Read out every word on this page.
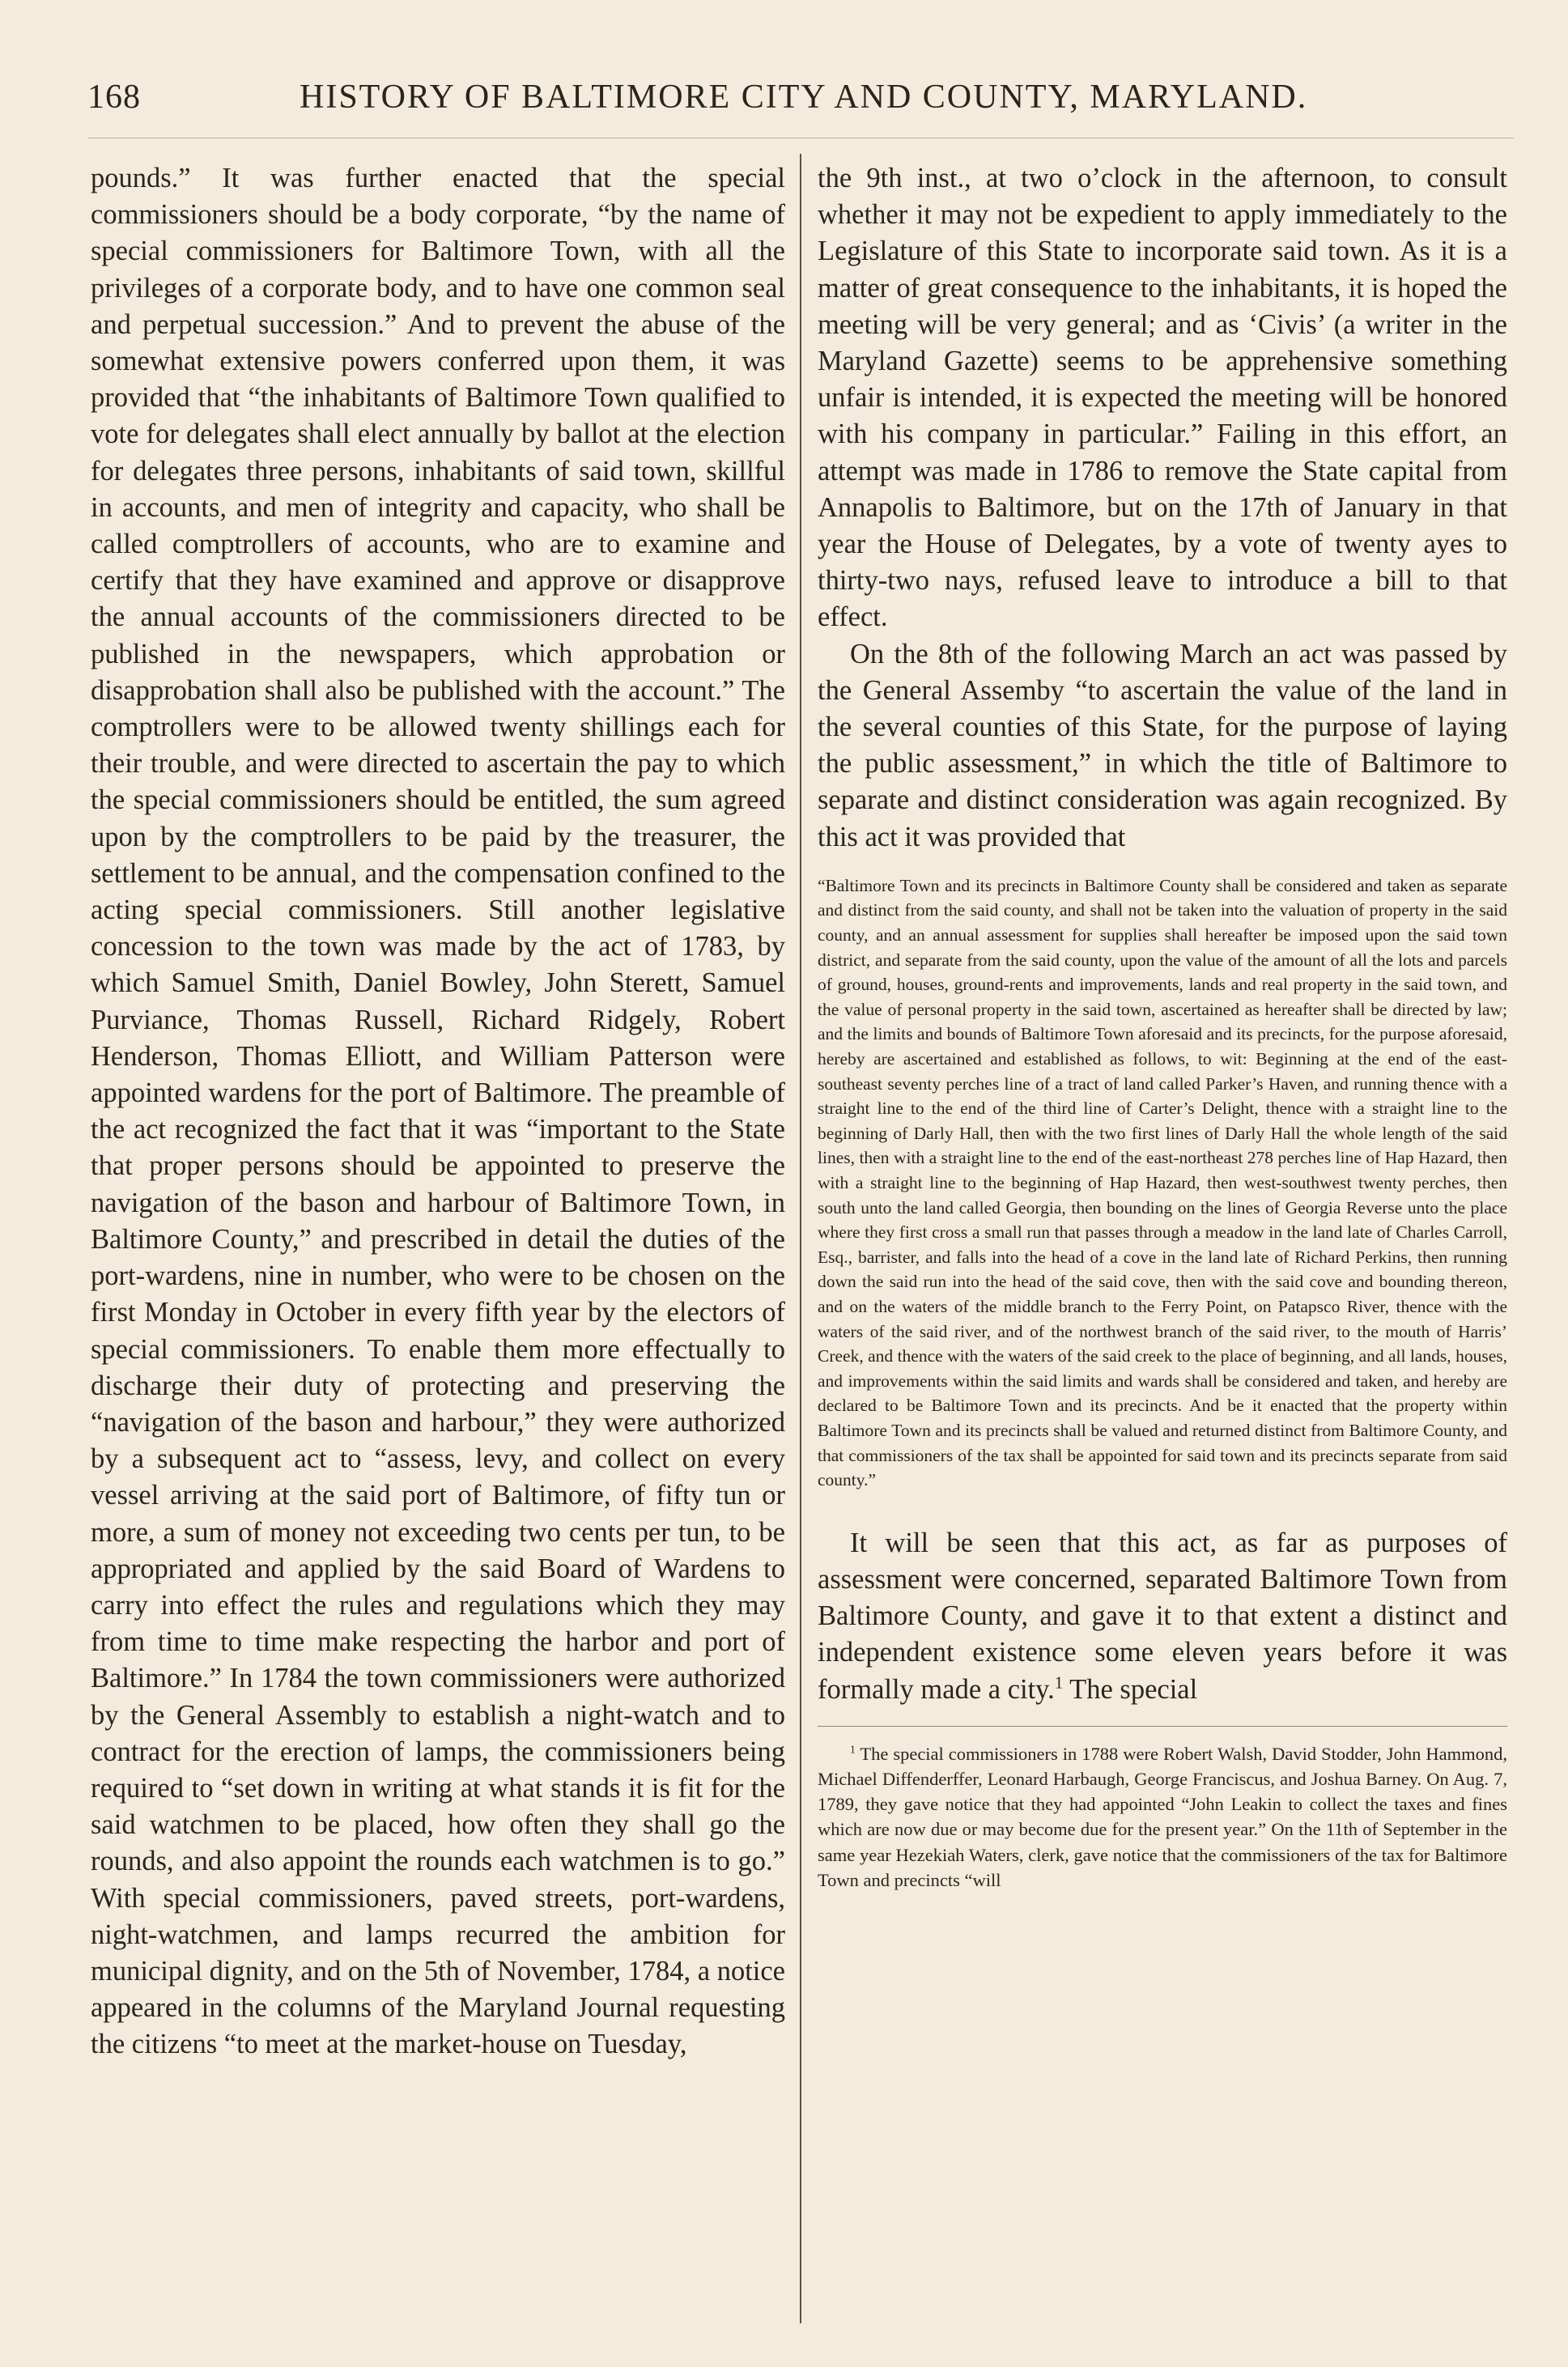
168	HISTORY OF BALTIMORE CITY AND COUNTY, MARYLAND.

pounds.” It was further enacted that the special commissioners should be a body corporate, “by the name of special commissioners for Baltimore Town, with all the privileges of a corporate body, and to have one common seal and perpetual succession.” And to prevent the abuse of the somewhat extensive powers conferred upon them, it was provided that “the inhabitants of Baltimore Town qualified to vote for delegates shall elect annually by ballot at the election for delegates three persons, inhabitants of said town, skillful in accounts, and men of integrity and capacity, who shall be called comptrollers of accounts, who are to examine and certify that they have examined and approve or disapprove the annual accounts of the commissioners directed to be published in the newspapers, which approbation or disapprobation shall also be published with the account.” The comptrollers were to be allowed twenty shillings each for their trouble, and were directed to ascertain the pay to which the special commissioners should be entitled, the sum agreed upon by the comptrollers to be paid by the treasurer, the settlement to be annual, and the compensation confined to the acting special commissioners. Still another legislative concession to the town was made by the act of 1783, by which Samuel Smith, Daniel Bowley, John Sterett, Samuel Purviance, Thomas Russell, Richard Ridgely, Robert Henderson, Thomas Elliott, and William Patterson were appointed wardens for the port of Baltimore. The preamble of the act recognized the fact that it was “important to the State that proper persons should be appointed to preserve the navigation of the bason and harbour of Baltimore Town, in Baltimore County,” and prescribed in detail the duties of the port-wardens, nine in number, who were to be chosen on the first Monday in October in every fifth year by the electors of special commissioners. To enable them more effectually to discharge their duty of protecting and preserving the “navigation of the bason and harbour,” they were authorized by a subsequent act to “assess, levy, and collect on every vessel arriving at the said port of Baltimore, of fifty tun or more, a sum of money not exceeding two cents per tun, to be appropriated and applied by the said Board of Wardens to carry into effect the rules and regulations which they may from time to time make respecting the harbor and port of Baltimore.” In 1784 the town commissioners were authorized by the General Assembly to establish a night-watch and to contract for the erection of lamps, the commissioners being required to “set down in writing at what stands it is fit for the said watchmen to be placed, how often they shall go the rounds, and also appoint the rounds each watchmen is to go.” With special commissioners, paved streets, port-wardens, night-watchmen, and lamps recurred the ambition for municipal dignity, and on the 5th of November, 1784, a notice appeared in the columns of the Maryland Journal requesting the citizens “to meet at the market-house on Tuesday,

the 9th inst., at two o’clock in the afternoon, to consult whether it may not be expedient to apply immediately to the Legislature of this State to incorporate said town. As it is a matter of great consequence to the inhabitants, it is hoped the meeting will be very general; and as ‘Civis’ (a writer in the Maryland Gazette) seems to be apprehensive something unfair is intended, it is expected the meeting will be honored with his company in particular.” Failing in this effort, an attempt was made in 1786 to remove the State capital from Annapolis to Baltimore, but on the 17th of January in that year the House of Delegates, by a vote of twenty ayes to thirty-two nays, refused leave to introduce a bill to that effect.

On the 8th of the following March an act was passed by the General Assemby “to ascertain the value of the land in the several counties of this State, for the purpose of laying the public assessment,” in which the title of Baltimore to separate and distinct consideration was again recognized. By this act it was provided that

“Baltimore Town and its precincts in Baltimore County shall be considered and taken as separate and distinct from the said county, and shall not be taken into the valuation of property in the said county, and an annual assessment for supplies shall hereafter be imposed upon the said town district, and separate from the said county, upon the value of the amount of all the lots and parcels of ground, houses, ground-rents and improvements, lands and real property in the said town, and the value of personal property in the said town, ascertained as hereafter shall be directed by law; and the limits and bounds of Baltimore Town aforesaid and its precincts, for the purpose aforesaid, hereby are ascertained and established as follows, to wit: Beginning at the end of the east-southeast seventy perches line of a tract of land called Parker’s Haven, and running thence with a straight line to the end of the third line of Carter’s Delight, thence with a straight line to the beginning of Darly Hall, then with the two first lines of Darly Hall the whole length of the said lines, then with a straight line to the end of the east-northeast 278 perches line of Hap Hazard, then with a straight line to the beginning of Hap Hazard, then west-southwest twenty perches, then south unto the land called Georgia, then bounding on the lines of Georgia Reverse unto the place where they first cross a small run that passes through a meadow in the land late of Charles Carroll, Esq., barrister, and falls into the head of a cove in the land late of Richard Perkins, then running down the said run into the head of the said cove, then with the said cove and bounding thereon, and on the waters of the middle branch to the Ferry Point, on Patapsco River, thence with the waters of the said river, and of the northwest branch of the said river, to the mouth of Harris’ Creek, and thence with the waters of the said creek to the place of beginning, and all lands, houses, and improvements within the said limits and wards shall be considered and taken, and hereby are declared to be Baltimore Town and its precincts. And be it enacted that the property within Baltimore Town and its precincts shall be valued and returned distinct from Baltimore County, and that commissioners of the tax shall be appointed for said town and its precincts separate from said county.”

It will be seen that this act, as far as purposes of assessment were concerned, separated Baltimore Town from Baltimore County, and gave it to that extent a distinct and independent existence some eleven years before it was formally made a city.$^1$ The special

$^1$ The special commissioners in 1788 were Robert Walsh, David Stodder, John Hammond, Michael Diffenderffer, Leonard Harbaugh, George Franciscus, and Joshua Barney. On Aug. 7, 1789, they gave notice that they had appointed “John Leakin to collect the taxes and fines which are now due or may become due for the present year.” On the 11th of September in the same year Hezekiah Waters, clerk, gave notice that the commissioners of the tax for Baltimore Town and precincts “will
